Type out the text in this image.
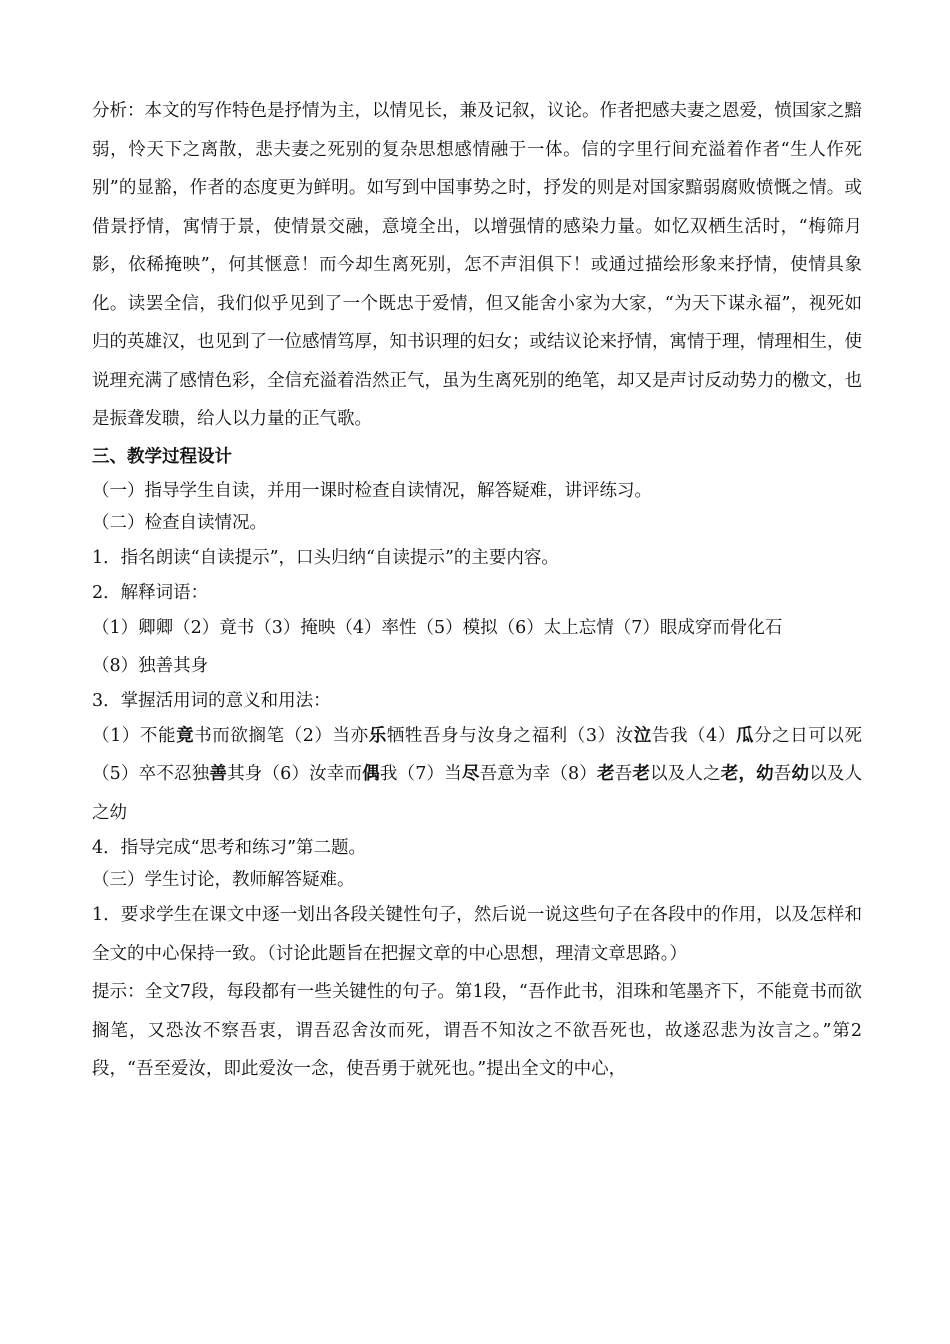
分析：本文的写作特色是抒情为主，以情见长，兼及记叙，议论。作者把感夫妻之恩爱，愤国家之黯弱，怜天下之离散，悲夫妻之死别的复杂思想感情融于一体。信的字里行间充溢着作者“生人作死别”的显豁，作者的态度更为鲜明。如写到中国事势之时，抒发的则是对国家黯弱腐败愤慨之情。或借景抒情，寓情于景，使情景交融，意境全出，以增强情的感染力量。如忆双栖生活时，“梅筛月影，依稀掩映”，何其惬意！而今却生离死别，怎不声泪俱下！或通过描绘形象来抒情，使情具象化。读罢全信，我们似乎见到了一个既忠于爱情，但又能舍小家为大家，“为天下谋永福”，视死如归的英雄汉，也见到了一位感情笃厚，知书识理的妇女；或结议论来抒情，寓情于理，情理相生，使说理充满了感情色彩，全信充溢着浩然正气，虽为生离死别的绝笔，却又是声讨反动势力的檄文，也是振聋发聩，给人以力量的正气歌。

三、教学过程设计

（一）指导学生自读，并用一课时检查自读情况，解答疑难，讲评练习。

（二）检查自读情况。

1．指名朗读“自读提示”，口头归纳“自读提示”的主要内容。

2．解释词语：

（1）卿卿（2）竟书（3）掩映（4）率性（5）模拟（6）太上忘情（7）眼成穿而骨化石

（8）独善其身

3．掌握活用词的意义和用法：

（1）不能竟书而欲搁笔（2）当亦乐牺牲吾身与汝身之福利（3）汝泣告我（4）瓜分之日可以死（5）卒不忍独善其身（6）汝幸而偶我（7）当尽吾意为幸（8）老吾老以及人之老，幼吾幼以及人之幼

4．指导完成“思考和练习”第二题。

（三）学生讨论，教师解答疑难。

1．要求学生在课文中逐一划出各段关键性句子，然后说一说这些句子在各段中的作用，以及怎样和全文的中心保持一致。（讨论此题旨在把握文章的中心思想，理清文章思路。）

提示：全文7段，每段都有一些关键性的句子。第1段，“吾作此书，泪珠和笔墨齐下，不能竟书而欲搁笔，又恐汝不察吾衷，谓吾忍舍汝而死，谓吾不知汝之不欲吾死也，故遂忍悲为汝言之。”第2段，“吾至爱汝，即此爱汝一念，使吾勇于就死也。”提出全文的中心，
